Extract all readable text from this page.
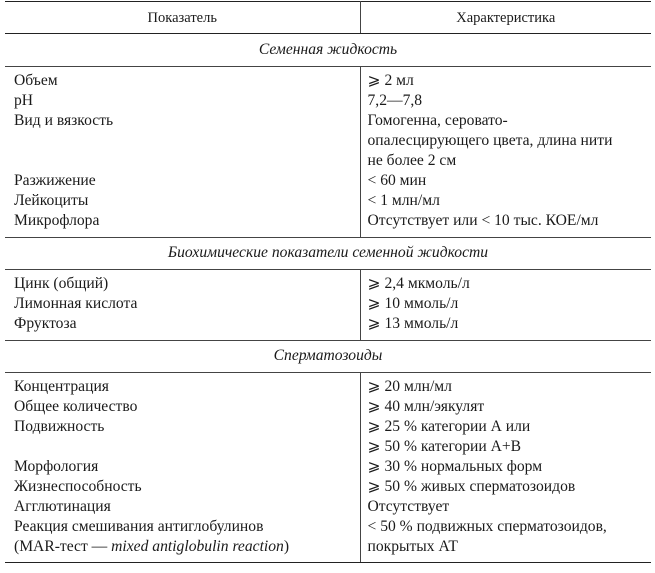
Показатель	Характеристика
Семенная жидкость	
Объем	⩾ 2 мл
pH	7,2—7,8
Вид и вязкость	Гомогенна, серовато-опалесцирующего цвета, длина нити не более 2 см
Разжижение	< 60 мин
Лейкоциты	< 1 млн/мл
Микрофлора	Отсутствует или < 10 тыс. КОЕ/мл
Биохимические показатели семенной жидкости	
Цинк (общий)	⩾ 2,4 мкмоль/л
Лимонная кислота	⩾ 10 ммоль/л
Фруктоза	⩾ 13 ммоль/л
Сперматозоиды	
Концентрация	⩾ 20 млн/мл
Общее количество	⩾ 40 млн/эякулят
Подвижность	⩾ 25 % категории А или
⩾ 50 % категории А+В

Морфология	⩾ 30 % нормальных форм
Жизнеспособность	⩾ 50 % живых сперматозоидов
Агглютинация	Отсутствует

Реакция смешивания антиглобулинов
(MAR-тест — mixed antiglobulin reaction)	< 50 % подвижных сперматозоидов, покрытых АТ
